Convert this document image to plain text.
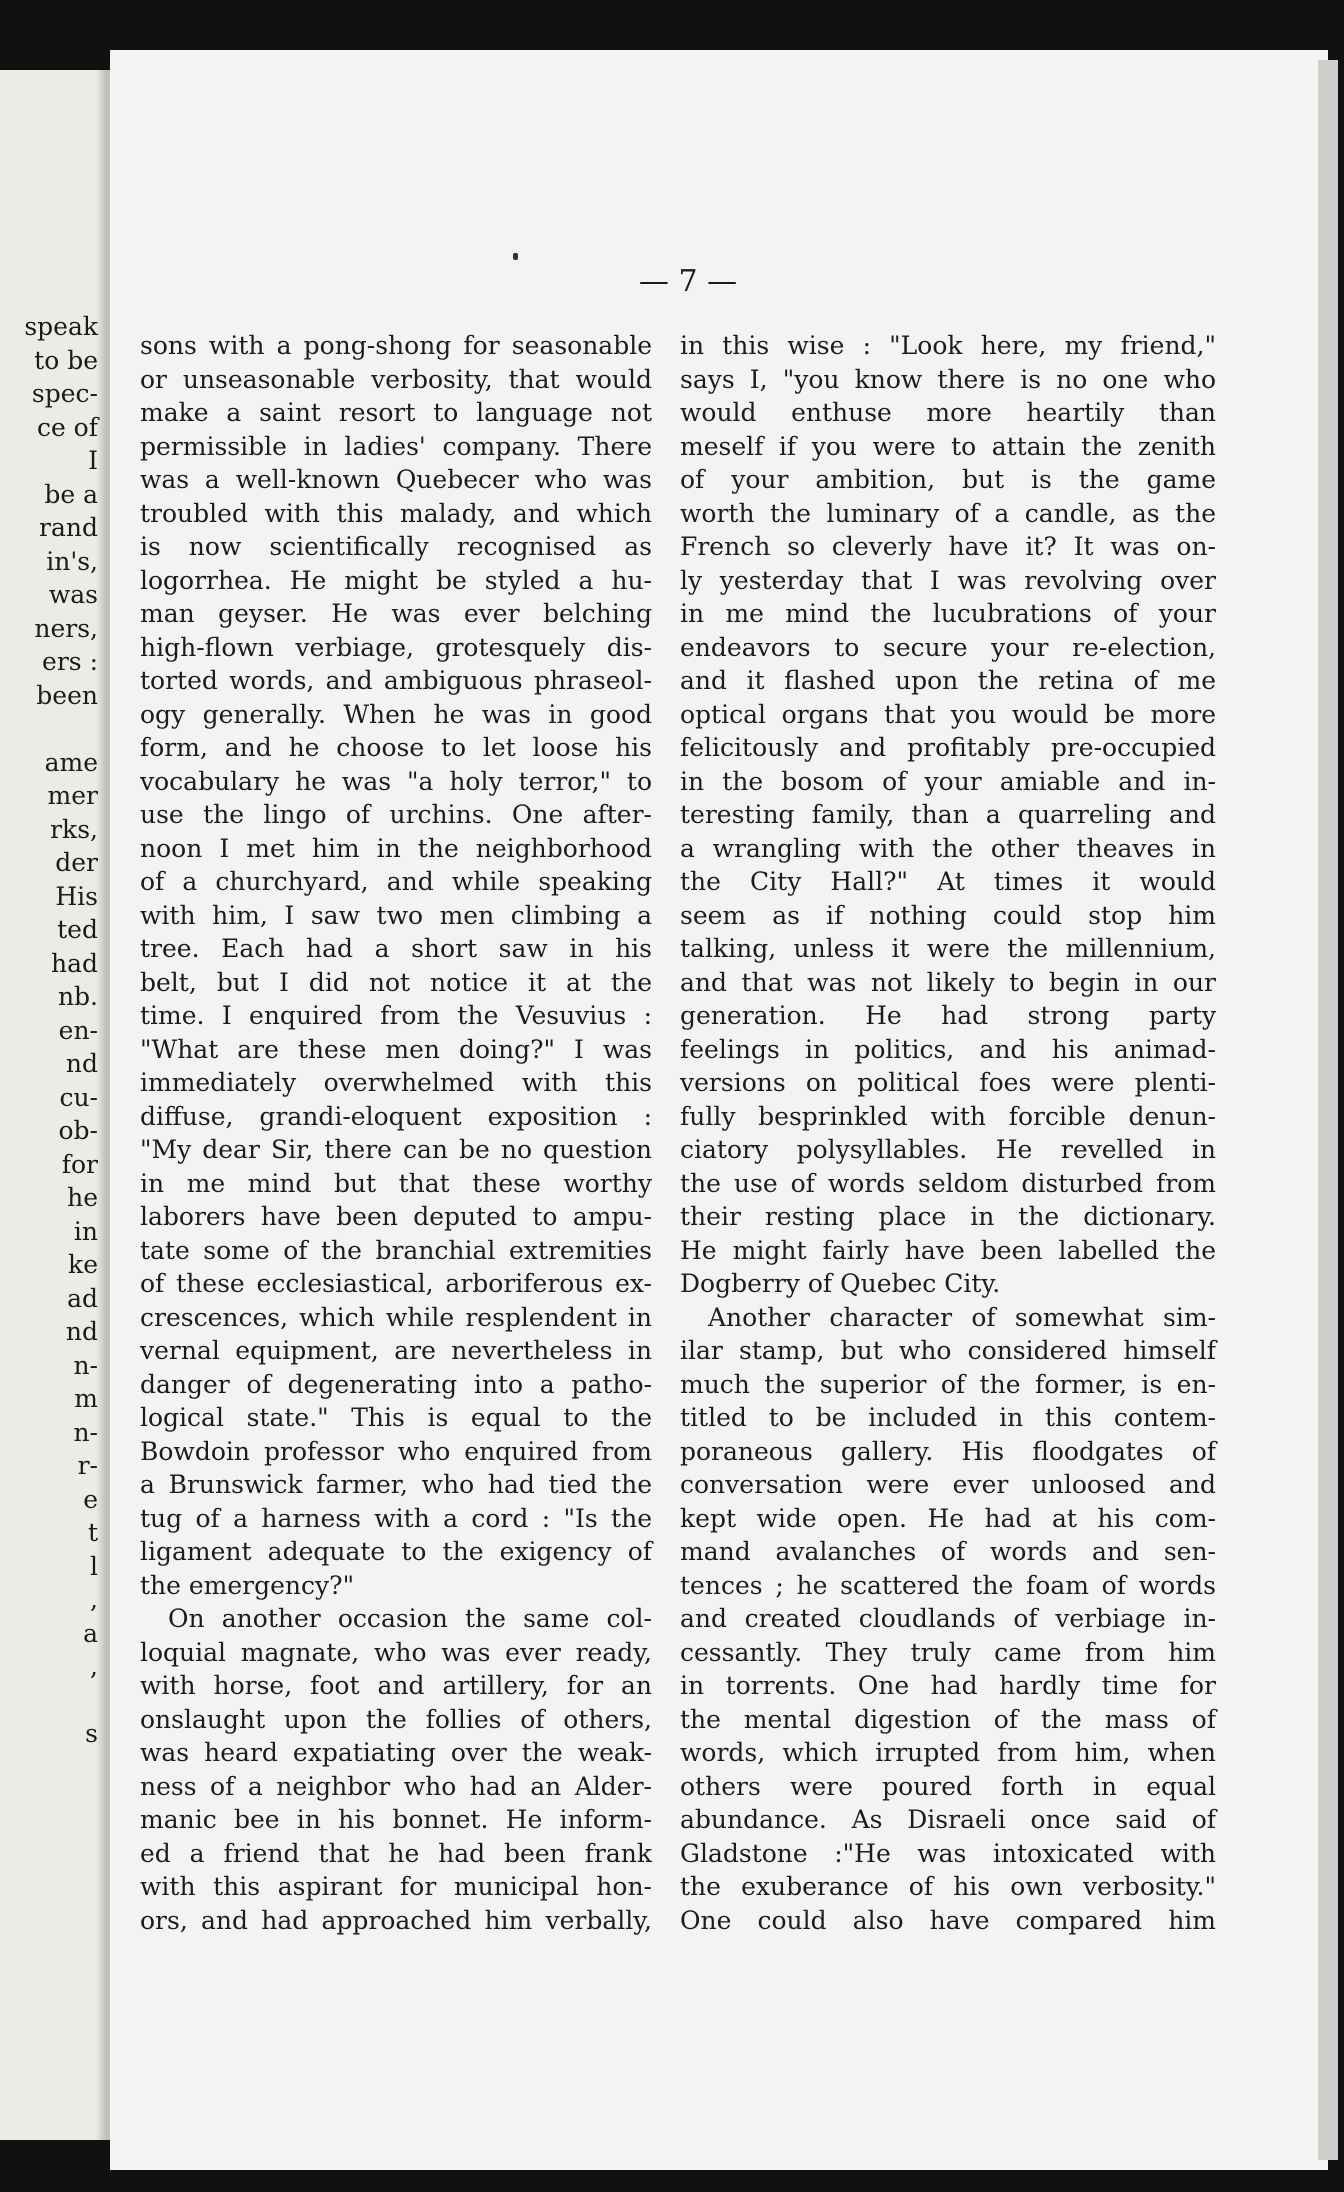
speak
to be
spec-
ce of
I
be a
rand
in's,
was
ners,
ers :
been
ame
mer
rks,
der
His
ted
had
nb.
en-
nd
cu-
ob-
for
he
in
ke
ad
nd
n-
m
n-
r-
e
t
l
,
a
,
s
— 7 —
sons with a pong-shong for seasonable
or unseasonable verbosity, that would
make a saint resort to language not
permissible in ladies' company. There
was a well-known Quebecer who was
troubled with this malady, and which
is now scientifically recognised as
logorrhea. He might be styled a hu-
man geyser. He was ever belching
high-flown verbiage, grotesquely dis-
torted words, and ambiguous phraseol-
ogy generally. When he was in good
form, and he choose to let loose his
vocabulary he was "a holy terror," to
use the lingo of urchins. One after-
noon I met him in the neighborhood
of a churchyard, and while speaking
with him, I saw two men climbing a
tree. Each had a short saw in his
belt, but I did not notice it at the
time. I enquired from the Vesuvius :
"What are these men doing?" I was
immediately overwhelmed with this
diffuse, grandi-eloquent exposition :
"My dear Sir, there can be no question
in me mind but that these worthy
laborers have been deputed to ampu-
tate some of the branchial extremities
of these ecclesiastical, arboriferous ex-
crescences, which while resplendent in
vernal equipment, are nevertheless in
danger of degenerating into a patho-
logical state." This is equal to the
Bowdoin professor who enquired from
a Brunswick farmer, who had tied the
tug of a harness with a cord : "Is the
ligament adequate to the exigency of
the emergency?"
On another occasion the same col-
loquial magnate, who was ever ready,
with horse, foot and artillery, for an
onslaught upon the follies of others,
was heard expatiating over the weak-
ness of a neighbor who had an Alder-
manic bee in his bonnet. He inform-
ed a friend that he had been frank
with this aspirant for municipal hon-
ors, and had approached him verbally,
in this wise : "Look here, my friend,"
says I, "you know there is no one who
would enthuse more heartily than
meself if you were to attain the zenith
of your ambition, but is the game
worth the luminary of a candle, as the
French so cleverly have it? It was on-
ly yesterday that I was revolving over
in me mind the lucubrations of your
endeavors to secure your re-election,
and it flashed upon the retina of me
optical organs that you would be more
felicitously and profitably pre-occupied
in the bosom of your amiable and in-
teresting family, than a quarreling and
a wrangling with the other theaves in
the City Hall?" At times it would
seem as if nothing could stop him
talking, unless it were the millennium,
and that was not likely to begin in our
generation. He had strong party
feelings in politics, and his animad-
versions on political foes were plenti-
fully besprinkled with forcible denun-
ciatory polysyllables. He revelled in
the use of words seldom disturbed from
their resting place in the dictionary.
He might fairly have been labelled the
Dogberry of Quebec City.
Another character of somewhat sim-
ilar stamp, but who considered himself
much the superior of the former, is en-
titled to be included in this contem-
poraneous gallery. His floodgates of
conversation were ever unloosed and
kept wide open. He had at his com-
mand avalanches of words and sen-
tences ; he scattered the foam of words
and created cloudlands of verbiage in-
cessantly. They truly came from him
in torrents. One had hardly time for
the mental digestion of the mass of
words, which irrupted from him, when
others were poured forth in equal
abundance. As Disraeli once said of
Gladstone :"He was intoxicated with
the exuberance of his own verbosity."
One could also have compared him
